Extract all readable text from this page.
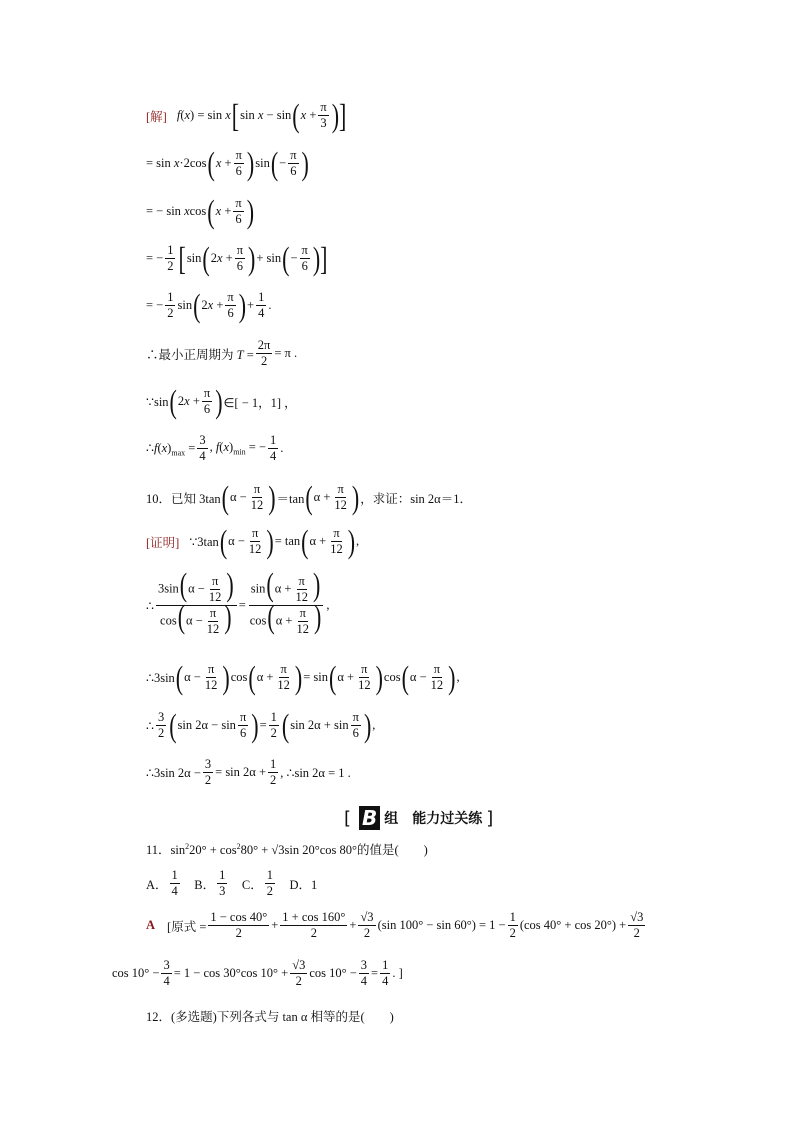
[解] f(x) = sin x [ sin x − sin ( $x + \frac{\pi}{3}$ )]
= sin x·2cos ( $x + \frac{\pi}{6}$ ) sin ( − $\frac{\pi}{6}$ )
= − sin xcos ( $x + \frac{\pi}{6}$ )
= − $\frac{1}{2}$ [ sin ( $2x + \frac{\pi}{6}$ ) + sin ( − $\frac{\pi}{6}$ )]
= − $\frac{1}{2}$ sin ( $2x + \frac{\pi}{6}$ ) + $\frac{1}{4}$ .
∴最小正周期为 $T = \frac{2\pi}{2} = \pi$ .
∵sin ( $2x + \frac{\pi}{6}$ ) ∈[ − 1，1] ，
$\therefore f(x)_{max} = \frac{3}{4}$ , $f(x)_{min}$ = − $\frac{1}{4}$ .
10．已知 3tan ( $\alpha - \frac{\pi}{12}$ ) ＝tan ( $\alpha + \frac{\pi}{12}$ ) ，求证：sin 2α＝1．
[证明] ∵3tan ( $\alpha - \frac{\pi}{12}$ ) = tan ( $\alpha + \frac{\pi}{12}$ ) ,
∴ $\frac{3\sin(\alpha - \frac{\pi}{12} )}{\cos(\alpha - \frac{\pi}{12} )} = \frac{\sin(\alpha + \frac{\pi}{12} )}{\cos(\alpha + \frac{\pi}{12} )}$ ,
∴3sin ( $\alpha - \frac{\pi}{12}$ ) cos ( $\alpha + \frac{\pi}{12}$ ) = sin ( $\alpha + \frac{\pi}{12}$ ) cos ( $\alpha - \frac{\pi}{12}$ ) ,
∴ $\frac{3}{2}$ ( $\sin 2\alpha - \sin \frac{\pi}{6}$ ) = $\frac{1}{2}$ ( $\sin 2\alpha + \sin \frac{\pi}{6}$ ) ,
∴3sin $2\alpha - \frac{3}{2} = \sin 2\alpha + \frac{1}{2}$ , ∴sin 2α = 1 .
[ B 组　能力过关练 ]
11．$\sin^220^\circ + \cos^280^\circ + √3\sin$ 20°cos 80°的值是(　　)
A． $\frac{1}{4}$ 　B． $\frac{1}{3}$ 　C． $\frac{1}{2}$ 　D．1
A [原式 = $\frac{1 - \cos 40^\circ}{2} + \frac{1 + \cos 160^\circ}{2} + \frac{√3}{2} (\sin$ $100^\circ - \sin 60^\circ) = 1 - \frac{1}{2} (\cos$ $40^\circ + \cos 20^\circ) + \frac{√3}{2}$
$\cos 10^\circ - \frac{3}{4} = 1 - \cos 30^\circ\cos$ $10^\circ + \frac{√3}{2}$ $\cos 10^\circ - \frac{3}{4} = \frac{1}{4}$ . ]
12．(多选题)下列各式与 tan α 相等的是(　　)
